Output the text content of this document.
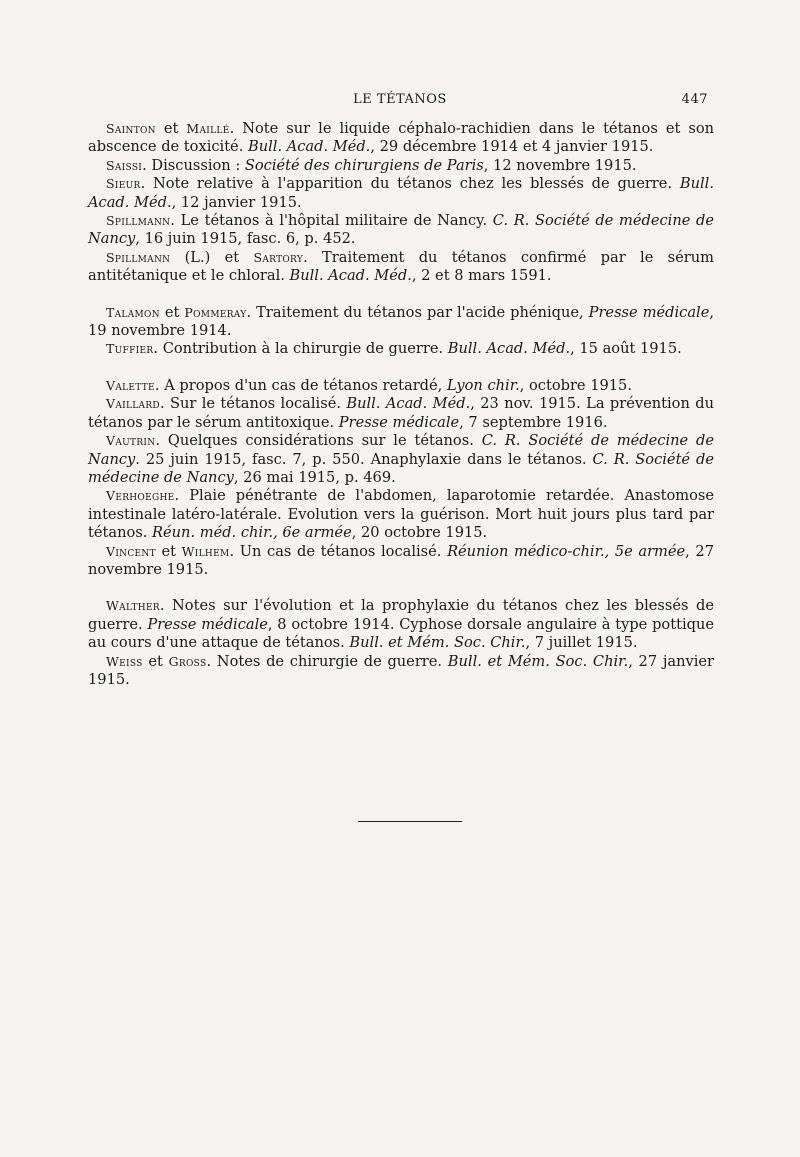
LE TÉTANOS	447

Sainton et Maillé. Note sur le liquide céphalo-rachidien dans le tétanos et son abscence de toxicité. Bull. Acad. Méd., 29 décembre 1914 et 4 janvier 1915.

Saissi. Discussion : Société des chirurgiens de Paris, 12 novembre 1915.

Sieur. Note relative à l'apparition du tétanos chez les blessés de guerre. Bull. Acad. Méd., 12 janvier 1915.

Spillmann. Le tétanos à l'hôpital militaire de Nancy. C. R. Société de médecine de Nancy, 16 juin 1915, fasc. 6, p. 452.

Spillmann (L.) et Sartory. Traitement du tétanos confirmé par le sérum antitétanique et le chloral. Bull. Acad. Méd., 2 et 8 mars 1591.

Talamon et Pommeray. Traitement du tétanos par l'acide phénique, Presse médicale, 19 novembre 1914.

Tuffier. Contribution à la chirurgie de guerre. Bull. Acad. Méd., 15 août 1915.

Valette. A propos d'un cas de tétanos retardé, Lyon chir., octobre 1915.

Vaillard. Sur le tétanos localisé. Bull. Acad. Méd., 23 nov. 1915. La prévention du tétanos par le sérum antitoxique. Presse médicale, 7 septembre 1916.

Vautrin. Quelques considérations sur le tétanos. C. R. Société de médecine de Nancy. 25 juin 1915, fasc. 7, p. 550. Anaphylaxie dans le tétanos. C. R. Société de médecine de Nancy, 26 mai 1915, p. 469.

Verhoeghe. Plaie pénétrante de l'abdomen, laparotomie retardée. Anastomose intestinale latéro-latérale. Evolution vers la guérison. Mort huit jours plus tard par tétanos. Réun. méd. chir., 6e armée, 20 octobre 1915.

Vincent et Wilhem. Un cas de tétanos localisé. Réunion médico-chir., 5e armée, 27 novembre 1915.

Walther. Notes sur l'évolution et la prophylaxie du tétanos chez les blessés de guerre. Presse médicale, 8 octobre 1914. Cyphose dorsale angulaire à type pottique au cours d'une attaque de tétanos. Bull. et Mém. Soc. Chir., 7 juillet 1915.

Weiss et Gross. Notes de chirurgie de guerre. Bull. et Mém. Soc. Chir., 27 janvier 1915.
